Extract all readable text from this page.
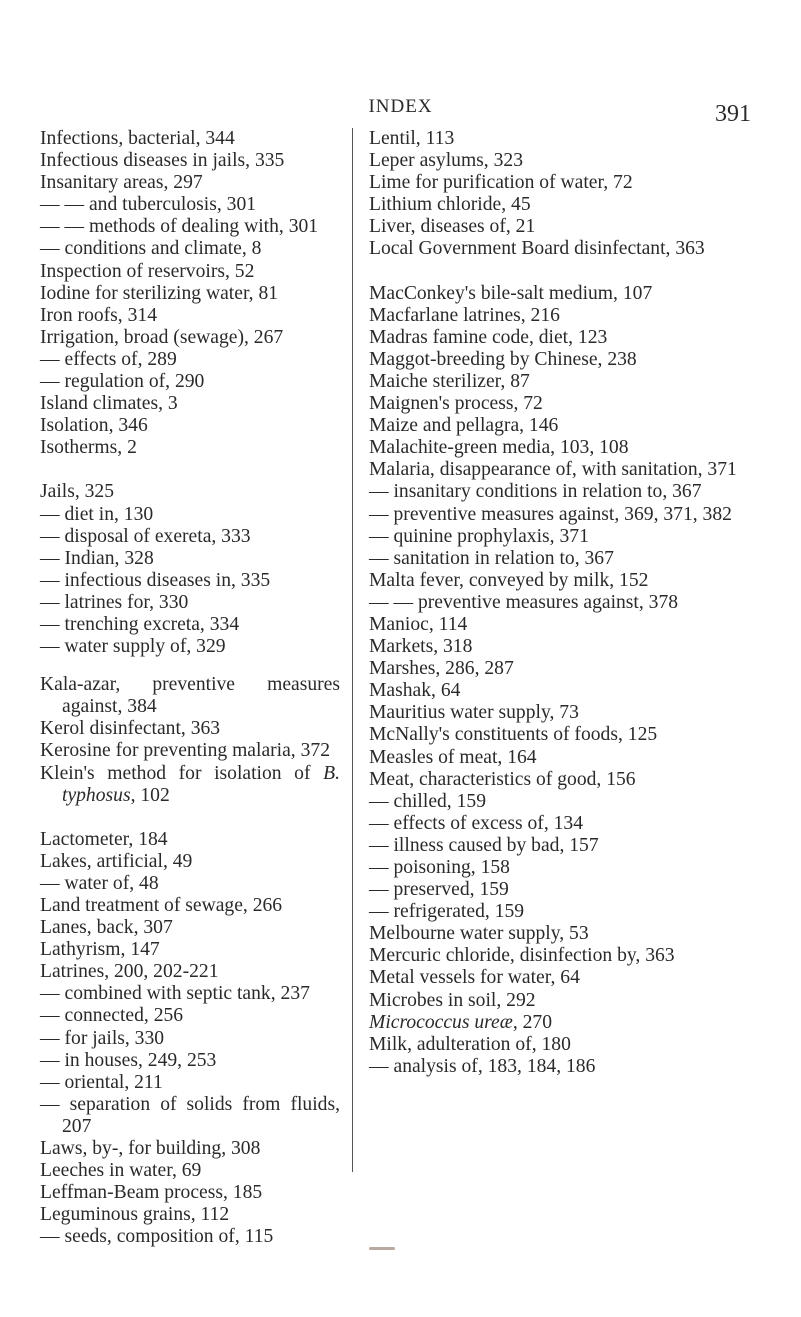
INDEX	391
Infections, bacterial, 344
Infectious diseases in jails, 335
Insanitary areas, 297
— — and tuberculosis, 301
— — methods of dealing with, 301
— conditions and climate, 8
Inspection of reservoirs, 52
Iodine for sterilizing water, 81
Iron roofs, 314
Irrigation, broad (sewage), 267
— effects of, 289
— regulation of, 290
Island climates, 3
Isolation, 346
Isotherms, 2
Jails, 325
— diet in, 130
— disposal of exereta, 333
— Indian, 328
— infectious diseases in, 335
— latrines for, 330
— trenching excreta, 334
— water supply of, 329
Kala-azar, preventive measures against, 384
Kerol disinfectant, 363
Kerosine for preventing malaria, 372
Klein's method for isolation of B. typhosus, 102
Lactometer, 184
Lakes, artificial, 49
— water of, 48
Land treatment of sewage, 266
Lanes, back, 307
Lathyrism, 147
Latrines, 200, 202-221
— combined with septic tank, 237
— connected, 256
— for jails, 330
— in houses, 249, 253
— oriental, 211
— separation of solids from fluids, 207
Laws, by-, for building, 308
Leeches in water, 69
Leffman-Beam process, 185
Leguminous grains, 112
— seeds, composition of, 115
Lentil, 113
Leper asylums, 323
Lime for purification of water, 72
Lithium chloride, 45
Liver, diseases of, 21
Local Government Board disinfectant, 363
MacConkey's bile-salt medium, 107
Macfarlane latrines, 216
Madras famine code, diet, 123
Maggot-breeding by Chinese, 238
Maiche sterilizer, 87
Maignen's process, 72
Maize and pellagra, 146
Malachite-green media, 103, 108
Malaria, disappearance of, with sanitation, 371
— insanitary conditions in relation to, 367
— preventive measures against, 369, 371, 382
— quinine prophylaxis, 371
— sanitation in relation to, 367
Malta fever, conveyed by milk, 152
— — preventive measures against, 378
Manioc, 114
Markets, 318
Marshes, 286, 287
Mashak, 64
Mauritius water supply, 73
McNally's constituents of foods, 125
Measles of meat, 164
Meat, characteristics of good, 156
— chilled, 159
— effects of excess of, 134
— illness caused by bad, 157
— poisoning, 158
— preserved, 159
— refrigerated, 159
Melbourne water supply, 53
Mercuric chloride, disinfection by, 363
Metal vessels for water, 64
Microbes in soil, 292
Micrococcus ureæ, 270
Milk, adulteration of, 180
— analysis of, 183, 184, 186
